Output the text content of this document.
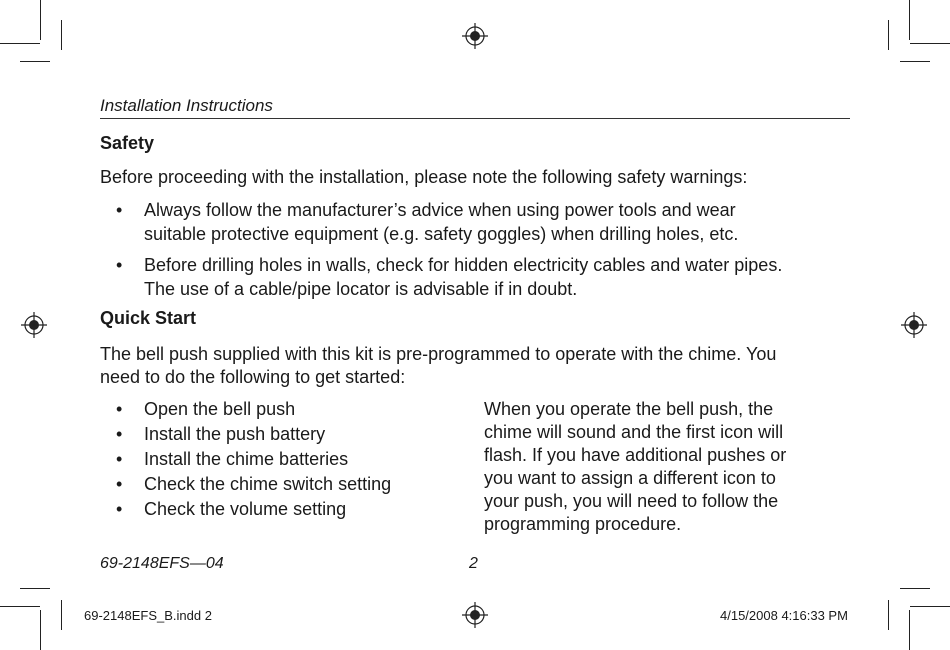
Installation Instructions
Safety
Before proceeding with the installation, please note the following safety warnings:
• Always follow the manufacturer’s advice when using power tools and wear
suitable protective equipment (e.g. safety goggles) when drilling holes, etc.
• Before drilling holes in walls, check for hidden electricity cables and water pipes.
The use of a cable/pipe locator is advisable if in doubt.
Quick Start
The bell push supplied with this kit is pre-programmed to operate with the chime. You
need to do the following to get started:
• Open the bell push
• Install the push battery
• Install the chime batteries
• Check the chime switch setting
• Check the volume setting
When you operate the bell push, the
chime will sound and the first icon will
flash. If you have additional pushes or
you want to assign a different icon to
your push, you will need to follow the
programming procedure.
69-2148EFS—04	2
69-2148EFS_B.indd 2	4/15/2008 4:16:33 PM
